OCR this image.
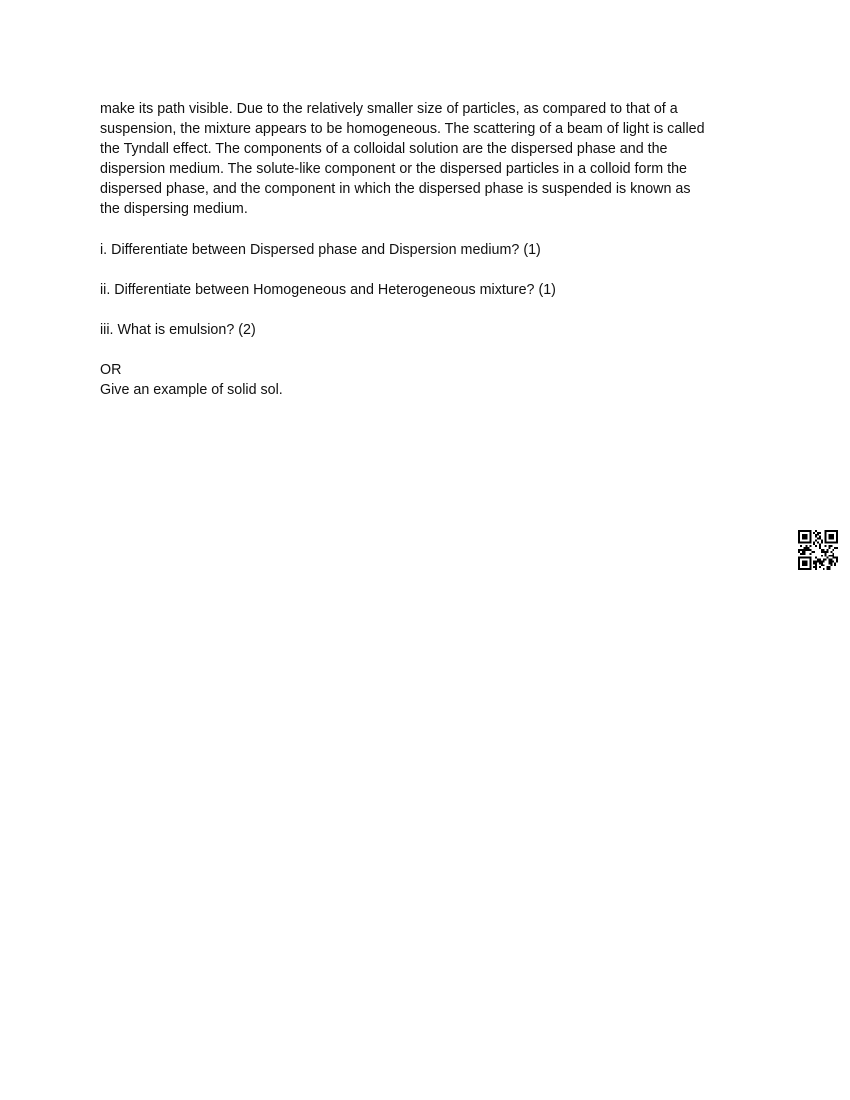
make its path visible. Due to the relatively smaller size of particles, as compared to that of a
suspension, the mixture appears to be homogeneous. The scattering of a beam of light is called
the Tyndall effect. The components of a colloidal solution are the dispersed phase and the
dispersion medium. The solute-like component or the dispersed particles in a colloid form the
dispersed phase, and the component in which the dispersed phase is suspended is known as
the dispersing medium.

i. Differentiate between Dispersed phase and Dispersion medium? (1)

ii. Differentiate between Homogeneous and Heterogeneous mixture? (1)

iii. What is emulsion? (2)

OR
Give an example of solid sol.
